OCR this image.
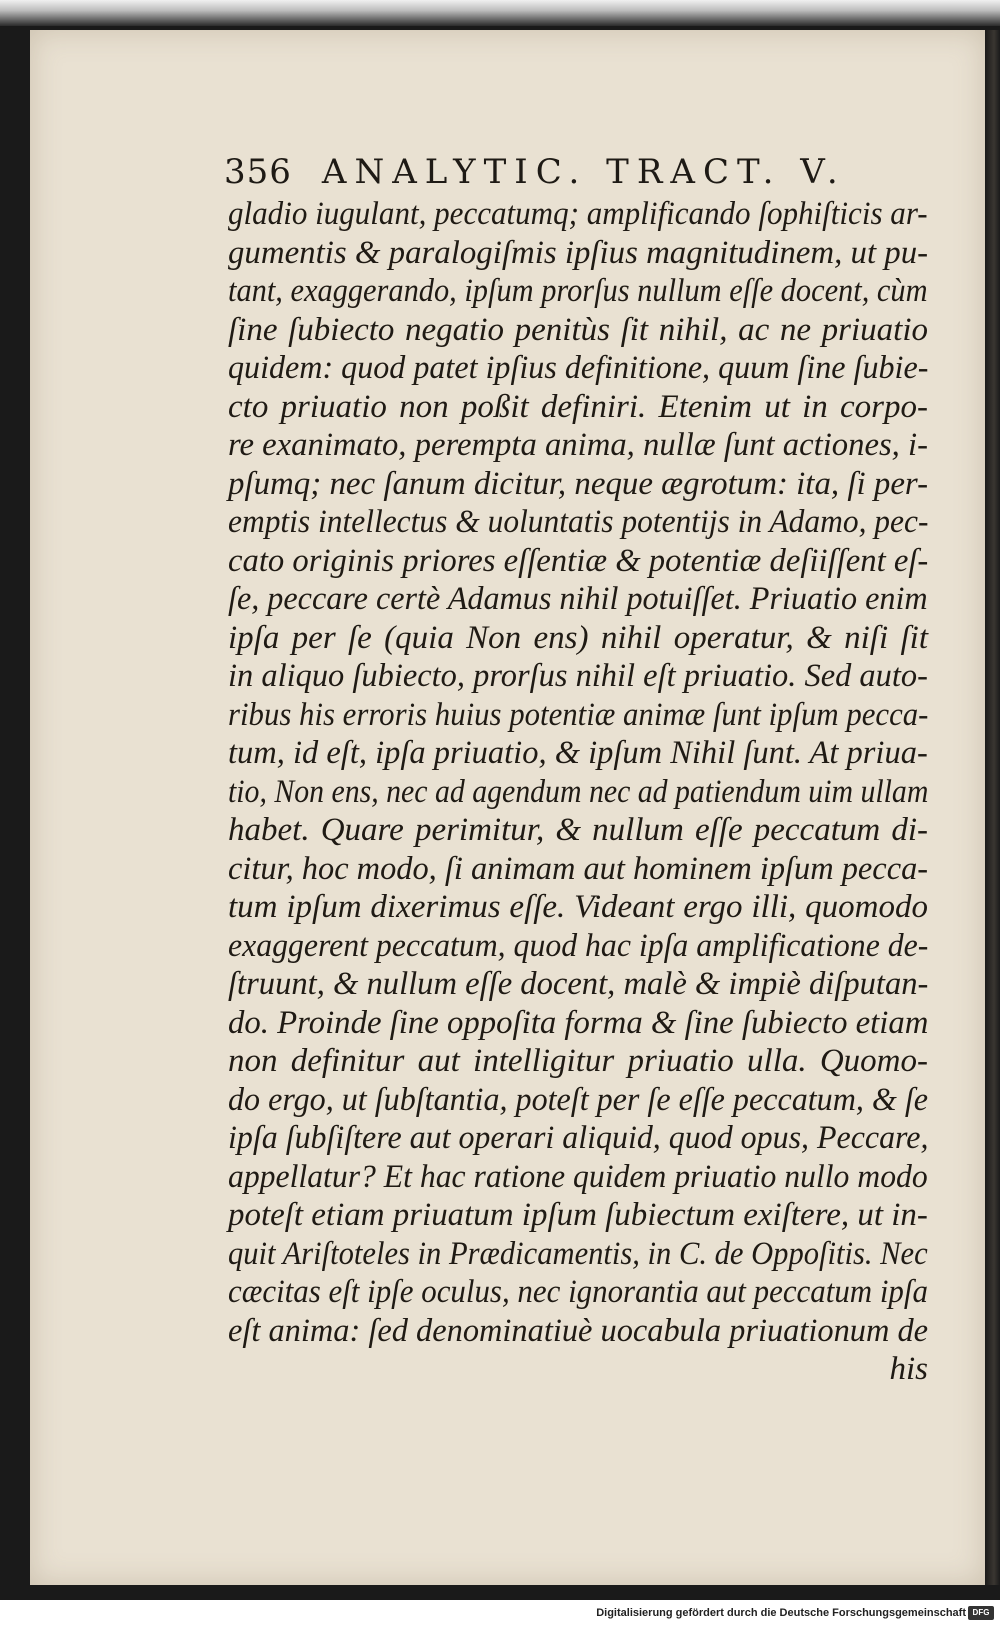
356 ANALYTIC. TRACT. V.
gladio iugulant, peccatumq; amplificando ſophiſticis ar-
gumentis & paralogiſmis ipſius magnitudinem, ut pu-
tant, exaggerando, ipſum prorſus nullum eſſe docent, cùm
ſine ſubiecto negatio penitùs ſit nihil, ac ne priuatio
quidem: quod patet ipſius definitione, quum ſine ſubie-
cto priuatio non poßit definiri. Etenim ut in corpo-
re exanimato, perempta anima, nullæ ſunt actiones, i-
pſumq; nec ſanum dicitur, neque ægrotum: ita, ſi per-
emptis intellectus & uoluntatis potentijs in Adamo, pec-
cato originis priores eſſentiæ & potentiæ deſiiſſent eſ-
ſe, peccare certè Adamus nihil potuiſſet. Priuatio enim
ipſa per ſe (quia Non ens) nihil operatur, & niſi ſit
in aliquo ſubiecto, prorſus nihil eſt priuatio. Sed auto-
ribus his erroris huius potentiæ animæ ſunt ipſum pecca-
tum, id eſt, ipſa priuatio, & ipſum Nihil ſunt. At priua-
tio, Non ens, nec ad agendum nec ad patiendum uim ullam
habet. Quare perimitur, & nullum eſſe peccatum di-
citur, hoc modo, ſi animam aut hominem ipſum pecca-
tum ipſum dixerimus eſſe. Videant ergo illi, quomodo
exaggerent peccatum, quod hac ipſa amplificatione de-
ſtruunt, & nullum eſſe docent, malè & impiè diſputan-
do. Proinde ſine oppoſita forma & ſine ſubiecto etiam
non definitur aut intelligitur priuatio ulla. Quomo-
do ergo, ut ſubſtantia, poteſt per ſe eſſe peccatum, & ſe
ipſa ſubſiſtere aut operari aliquid, quod opus, Peccare,
appellatur? Et hac ratione quidem priuatio nullo modo
poteſt etiam priuatum ipſum ſubiectum exiſtere, ut in-
quit Ariſtoteles in Prædicamentis, in C. de Oppoſitis. Nec
cæcitas eſt ipſe oculus, nec ignorantia aut peccatum ipſa
eſt anima: ſed denominatiuè uocabula priuationum de
his
Digitalisierung gefördert durch die Deutsche Forschungsgemeinschaft DFG
